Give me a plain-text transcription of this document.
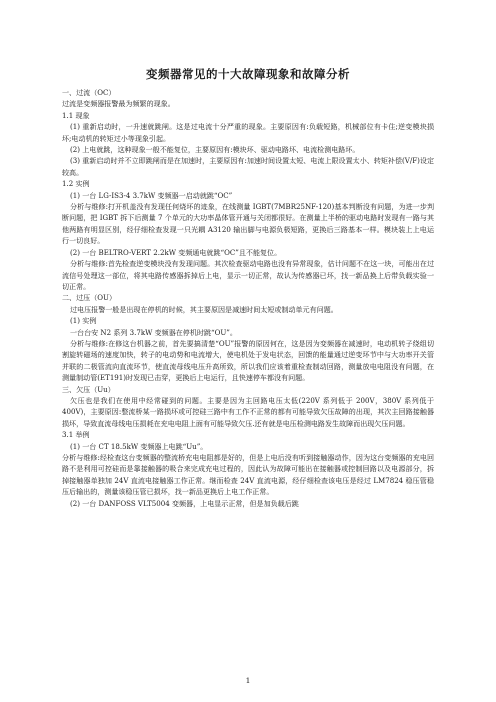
变频器常见的十大故障现象和故障分析

一、过流（OC）

过流是变频器报警最为频繁的现象。

1.1 现象

(1) 重新启动时，一升速就跳闸。这是过电流十分严重的现象。主要原因有:负载短路，机械部位有卡住;逆变模块损坏;电动机的转矩过小等现象引起。

(2) 上电就跳，这种现象一般不能复位，主要原因有:模块坏、驱动电路坏、电流检测电路坏。

(3) 重新启动时并不立即跳闸而是在加速时，主要原因有:加速时间设置太短、电流上限设置太小、转矩补偿(V/F)设定较高。

1.2 实例

(1) 一台 LG-IS3-4 3.7kW 变频器一启动就跳“OC”

分析与维修:打开机盖没有发现任何烧坏的迹象，在线测量 IGBT(7MBR25NF-120)基本判断没有问题，为进一步判断问题，把 IGBT 拆下后测量 7 个单元的大功率晶体管开通与关闭都很好。在测量上半桥的驱动电路时发现有一路与其他两路有明显区别，经仔细检查发现一只光耦 A3120 输出脚与电源负极短路，更换后三路基本一样。模块装上上电运行一切良好。

(2) 一台 BELTRO-VERT 2.2kW 变频通电就跳“OC”且不能复位。

分析与维修:首先检查逆变模块没有发现问题。其次检查驱动电路也没有异常现象，估计问题不在这一块，可能出在过流信号处理这一部位，将其电路传感器拆掉后上电，显示一切正常，故认为传感器已坏，找一新品换上后带负载实验一切正常。

二、过压（OU）

过电压报警一般是出现在停机的时候，其主要原因是减速时间太短或制动单元有问题。

(1) 实例

一台台安 N2 系列 3.7kW 变频器在停机时跳“OU”。

分析与维修:在修这台机器之前，首先要搞清楚“OU”报警的原因何在，这是因为变频器在减速时，电动机转子绕组切割旋转磁场的速度加快，转子的电动势和电流增大，使电机处于发电状态，回馈的能量通过逆变环节中与大功率开关管并联的二极管流向直流环节，使直流母线电压升高所致，所以我们应该着重检查制动回路，测量放电电阻没有问题，在测量制动管(ET191)时发现已击穿，更换后上电运行，且快速停车都没有问题。

三、欠压（Uu）

欠压也是我们在使用中经常碰到的问题。主要是因为主回路电压太低(220V 系列低于 200V，380V 系列低于 400V)，主要原因:整流桥某一路损坏或可控硅三路中有工作不正常的都有可能导致欠压故障的出现，其次主回路接触器损坏，导致直流母线电压损耗在充电电阻上面有可能导致欠压.还有就是电压检测电路发生故障而出现欠压问题。

3.1 举例

(1) 一台 CT 18.5kW 变频器上电跳“Uu”。

分析与维修:经检查这台变频器的整流桥充电电阻都是好的，但是上电后没有听到接触器动作，因为这台变频器的充电回路不是利用可控硅而是靠接触器的吸合来完成充电过程的，因此认为故障可能出在接触器或控制回路以及电源部分，拆掉接触器单独加 24V 直流电接触器工作正常。继而检查 24V 直流电源，经仔细检查该电压是经过 LM7824 稳压管稳压后输出的，测量该稳压管已损坏，找一新品更换后上电工作正常。

(2) 一台 DANFOSS VLT5004 变频器，上电显示正常，但是加负载后跳

1
